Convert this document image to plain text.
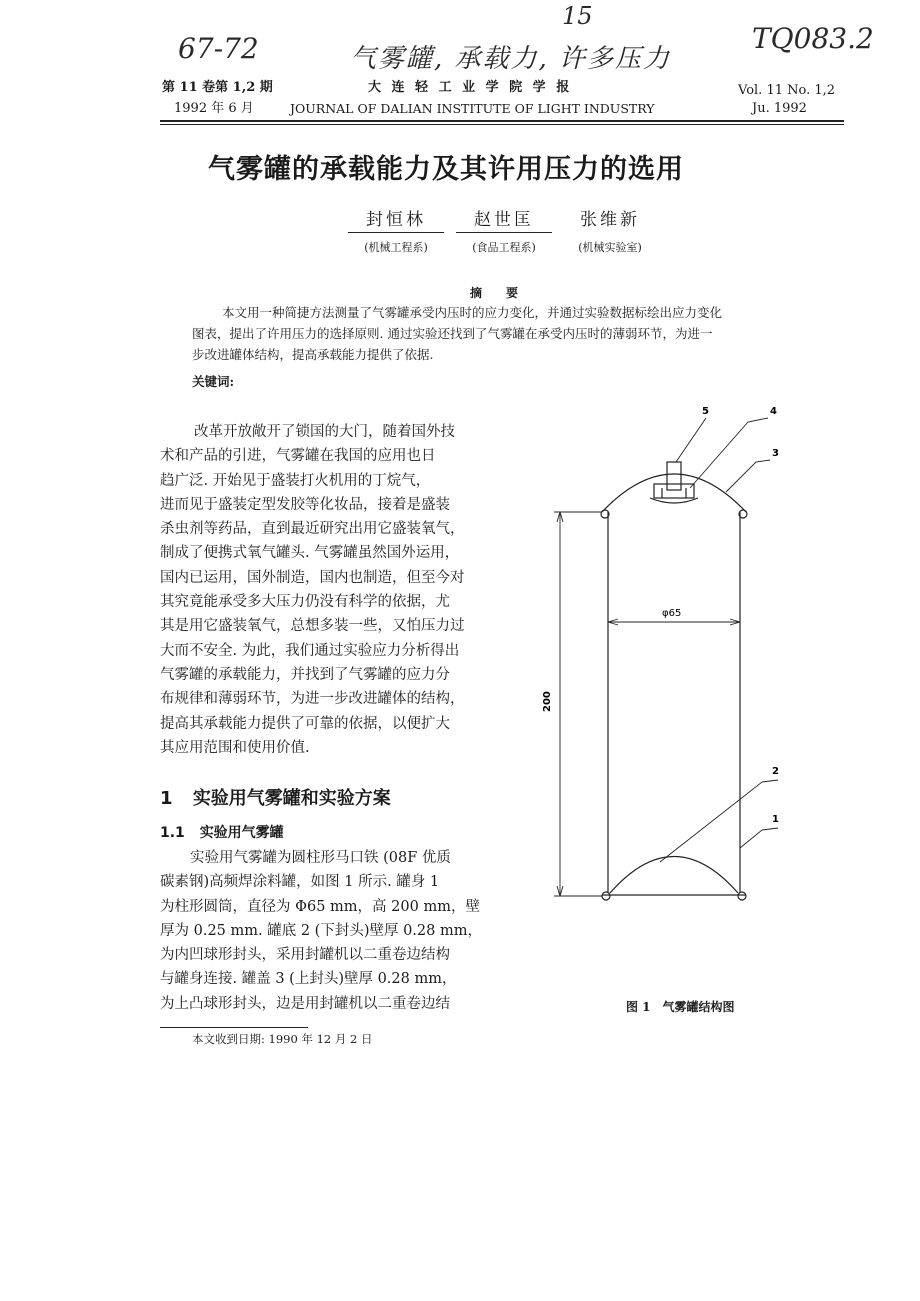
67-72	气雾罐, 承载力, 许多压力
15
TQ083.2
第 11 卷第 1,2 期
1992 年 6 月
大 连 轻 工 业 学 院 学 报
JOURNAL OF DALIAN INSTITUTE OF LIGHT INDUSTRY
Vol. 11 No. 1,2
Ju. 1992
气雾罐的承载能力及其许用压力的选用
封恒林
(机械工程系)
赵世匡
(食品工程系)
张维新
(机械实验室)
摘　　要
本文用一种简捷方法测量了气雾罐承受内压时的应力变化，并通过实验数据标绘出应力变化
图表，提出了许用压力的选择原则. 通过实验还找到了气雾罐在承受内压时的薄弱环节，为进一
步改进罐体结构，提高承载能力提供了依据.
关键词:
改革开放敞开了锁国的大门，随着国外技
术和产品的引进，气雾罐在我国的应用也日
趋广泛. 开始见于盛装打火机用的丁烷气，
进而见于盛装定型发胶等化妆品，接着是盛装
杀虫剂等药品，直到最近研究出用它盛装氧气，
制成了便携式氧气罐头. 气雾罐虽然国外运用，
国内已运用，国外制造，国内也制造，但至今对
其究竟能承受多大压力仍没有科学的依据，尤
其是用它盛装氧气，总想多装一些，又怕压力过
大而不安全. 为此，我们通过实验应力分析得出
气雾罐的承载能力，并找到了气雾罐的应力分
布规律和薄弱环节，为进一步改进罐体的结构，
提高其承载能力提供了可靠的依据，以便扩大
其应用范围和使用价值.
1 实验用气雾罐和实验方案
1.1 实验用气雾罐
实验用气雾罐为圆柱形马口铁 (08F 优质
碳素钢)高频焊涂料罐，如图 1 所示. 罐身 1
为柱形圆筒，直径为 Φ65 mm，高 200 mm，壁
厚为 0.25 mm. 罐底 2 (下封头)壁厚 0.28 mm，
为内凹球形封头，采用封罐机以二重卷边结构
与罐身连接. 罐盖 3 (上封头)壁厚 0.28 mm，
为上凸球形封头，边是用封罐机以二重卷边结
本文收到日期: 1990 年 12 月 2 日
5	4
3
2
1
φ65
200
图 1　气雾罐结构图
